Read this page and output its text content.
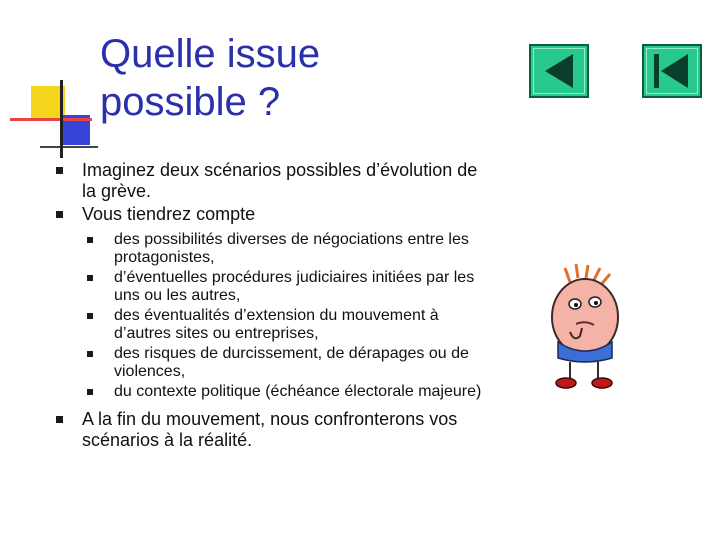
Quelle issue
possible ?
Imaginez deux scénarios possibles d’évolution de la grève.
Vous tiendrez compte
des possibilités diverses de négociations entre les protagonistes,
d’éventuelles procédures judiciaires initiées par les uns ou les autres,
des éventualités d’extension du mouvement à d’autres sites ou entreprises,
des risques de durcissement, de dérapages ou de violences,
du contexte politique (échéance électorale majeure)
A la fin du mouvement, nous confronterons vos scénarios à la réalité.
